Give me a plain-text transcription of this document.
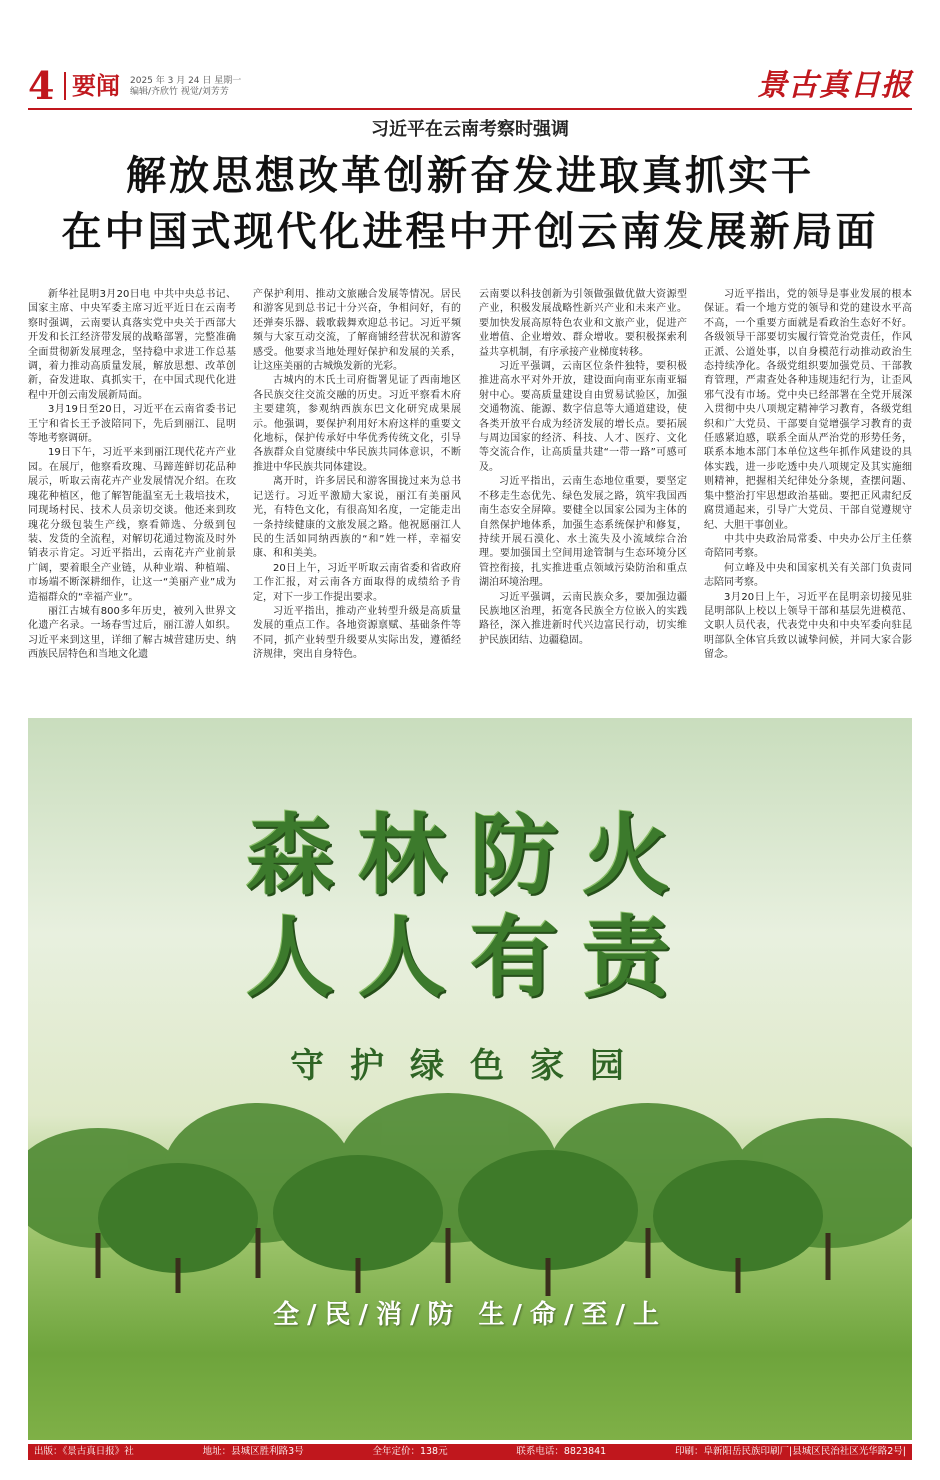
4 要闻 2025 年 3 月 24 日 星期一
编辑/齐欣竹 视觉/刘芳芳	景古真日报
习近平在云南考察时强调
解放思想改革创新奋发进取真抓实干
在中国式现代化进程中开创云南发展新局面

新华社昆明3月20日电 中共中央总书记、国家主席、中央军委主席习近平近日在云南考察时强调，云南要认真落实党中央关于西部大开发和长江经济带发展的战略部署，完整准确全面贯彻新发展理念，坚持稳中求进工作总基调，着力推动高质量发展，解放思想、改革创新，奋发进取、真抓实干，在中国式现代化进程中开创云南发展新局面。

3月19日至20日，习近平在云南省委书记王宁和省长王予波陪同下，先后到丽江、昆明等地考察调研。

19日下午，习近平来到丽江现代花卉产业园。在展厅，他察看玫瑰、马蹄莲鲜切花品种展示，听取云南花卉产业发展情况介绍。在玫瑰花种植区，他了解智能温室无土栽培技术，同现场村民、技术人员亲切交谈。他还来到玫瑰花分级包装生产线，察看筛选、分级到包装、发货的全流程，对解切花通过物流及时外销表示肯定。习近平指出，云南花卉产业前景广阔，要着眼全产业链，从种业端、种植端、市场端不断深耕细作，让这一“美丽产业”成为造福群众的“幸福产业”。

丽江古城有800多年历史，被列入世界文化遗产名录。一场春雪过后，丽江游人如织。习近平来到这里，详细了解古城营建历史、纳西族民居特色和当地文化遗

产保护利用、推动文旅融合发展等情况。居民和游客见到总书记十分兴奋，争相问好，有的还弹奏乐器、载歌载舞欢迎总书记。习近平频频与大家互动交流，了解商铺经营状况和游客感受。他要求当地处理好保护和发展的关系，让这座美丽的古城焕发新的光彩。

古城内的木氏土司府衙署见证了西南地区各民族交往交流交融的历史。习近平察看木府主要建筑，参观纳西族东巴文化研究成果展示。他强调，要保护利用好木府这样的重要文化地标，保护传承好中华优秀传统文化，引导各族群众自觉赓续中华民族共同体意识，不断推进中华民族共同体建设。

离开时，许多居民和游客围拢过来为总书记送行。习近平激励大家说，丽江有美丽风光，有特色文化，有很高知名度，一定能走出一条持续健康的文旅发展之路。他祝愿丽江人民的生活如同纳西族的“和”姓一样，幸福安康、和和美美。

20日上午，习近平听取云南省委和省政府工作汇报，对云南各方面取得的成绩给予肯定，对下一步工作提出要求。

习近平指出，推动产业转型升级是高质量发展的重点工作。各地资源禀赋、基础条件等不同，抓产业转型升级要从实际出发，遵循经济规律，突出自身特色。

云南要以科技创新为引领做强做优做大资源型产业，积极发展战略性新兴产业和未来产业。要加快发展高原特色农业和文旅产业，促进产业增值、企业增效、群众增收。要积极探索利益共享机制，有序承接产业梯度转移。

习近平强调，云南区位条件独特，要积极推进高水平对外开放，建设面向南亚东南亚辐射中心。要高质量建设自由贸易试验区，加强交通物流、能源、数字信息等大通道建设，使各类开放平台成为经济发展的增长点。要拓展与周边国家的经济、科技、人才、医疗、文化等交流合作，让高质量共建“一带一路”可感可及。

习近平指出，云南生态地位重要，要坚定不移走生态优先、绿色发展之路，筑牢我国西南生态安全屏障。要健全以国家公园为主体的自然保护地体系，加强生态系统保护和修复，持续开展石漠化、水土流失及小流域综合治理。要加强国土空间用途管制与生态环境分区管控衔接，扎实推进重点领域污染防治和重点湖泊环境治理。

习近平强调，云南民族众多，要加强边疆民族地区治理，拓宽各民族全方位嵌入的实践路径，深入推进新时代兴边富民行动，切实维护民族团结、边疆稳固。

习近平指出，党的领导是事业发展的根本保证。看一个地方党的领导和党的建设水平高不高，一个重要方面就是看政治生态好不好。各级领导干部要切实履行管党治党责任，作风正派、公道处事，以自身模范行动推动政治生态持续净化。各级党组织要加强党员、干部教育管理，严肃查处各种违规违纪行为，让歪风邪气没有市场。党中央已经部署在全党开展深入贯彻中央八项规定精神学习教育，各级党组织和广大党员、干部要自觉增强学习教育的责任感紧迫感，联系全面从严治党的形势任务，联系本地本部门本单位这些年抓作风建设的具体实践，进一步吃透中央八项规定及其实施细则精神，把握相关纪律处分条规，查摆问题、集中整治打牢思想政治基础。要把正风肃纪反腐贯通起来，引导广大党员、干部自觉遵规守纪、大胆干事创业。

中共中央政治局常委、中央办公厅主任蔡奇陪同考察。

何立峰及中央和国家机关有关部门负责同志陪同考察。

3月20日上午，习近平在昆明亲切接见驻昆明部队上校以上领导干部和基层先进模范、文职人员代表，代表党中央和中央军委向驻昆明部队全体官兵致以诚挚问候，并同大家合影留念。

森林防火
人人有责
守护绿色家园
全/民/消/防 生/命/至/上
出版：《景古真日报》社	地址：县城区胜利路3号	全年定价：138元	联系电话：8823841	印刷：阜新阳岳民族印刷厂|县城区民治社区光华路2号|
